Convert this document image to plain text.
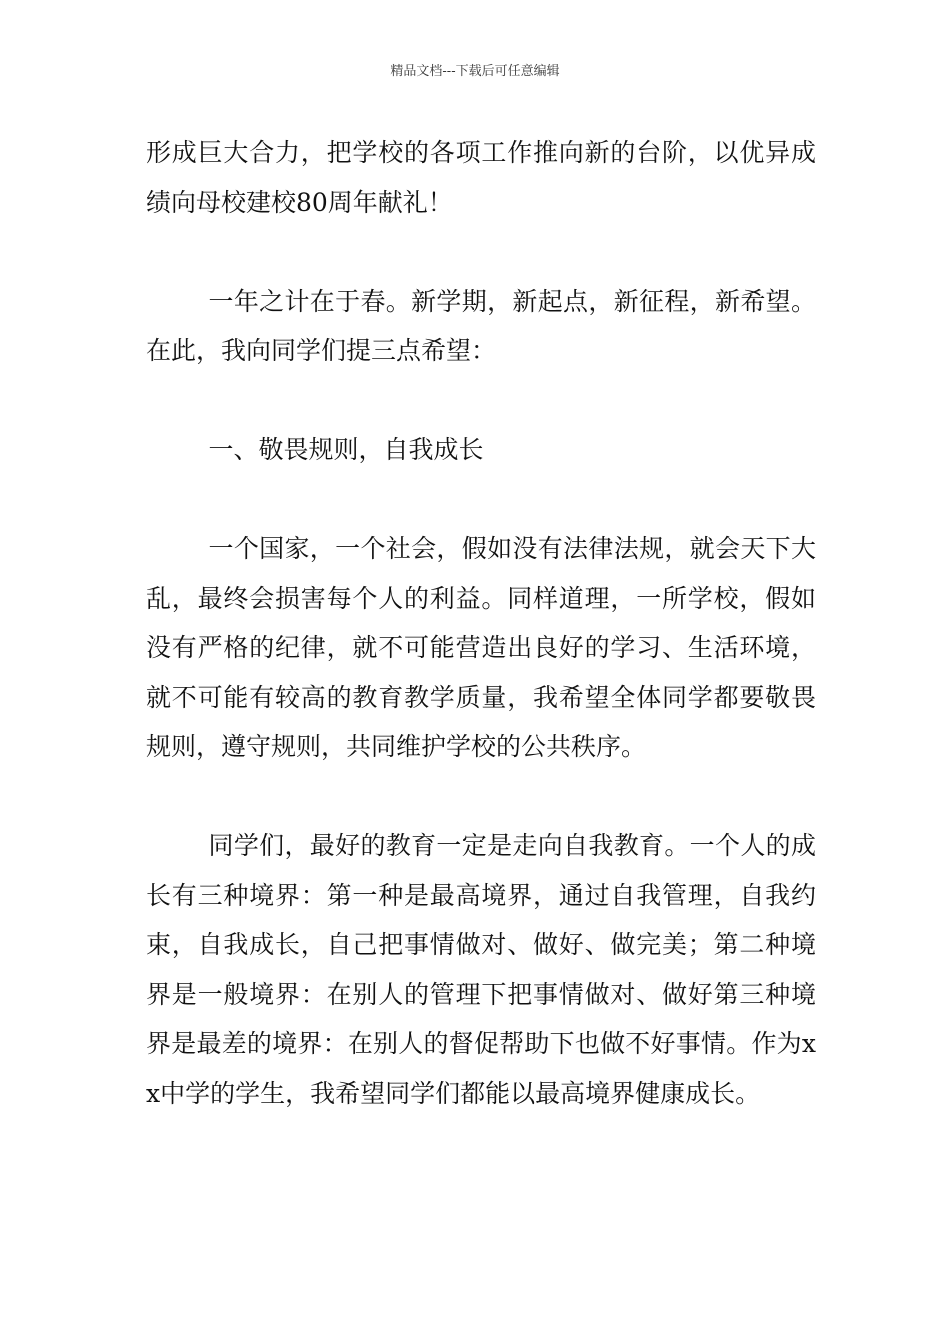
精品文档---下载后可任意编辑

形成巨大合力，把学校的各项工作推向新的台阶，以优异成绩向母校建校80周年献礼！

一年之计在于春。新学期，新起点，新征程，新希望。在此，我向同学们提三点希望：

一、敬畏规则，自我成长

一个国家，一个社会，假如没有法律法规，就会天下大乱，最终会损害每个人的利益。同样道理，一所学校，假如没有严格的纪律，就不可能营造出良好的学习、生活环境，就不可能有较高的教育教学质量，我希望全体同学都要敬畏规则，遵守规则，共同维护学校的公共秩序。

同学们，最好的教育一定是走向自我教育。一个人的成长有三种境界：第一种是最高境界，通过自我管理，自我约束，自我成长，自己把事情做对、做好、做完美；第二种境界是一般境界：在别人的管理下把事情做对、做好第三种境界是最差的境界：在别人的督促帮助下也做不好事情。作为xx中学的学生，我希望同学们都能以最高境界健康成长。
